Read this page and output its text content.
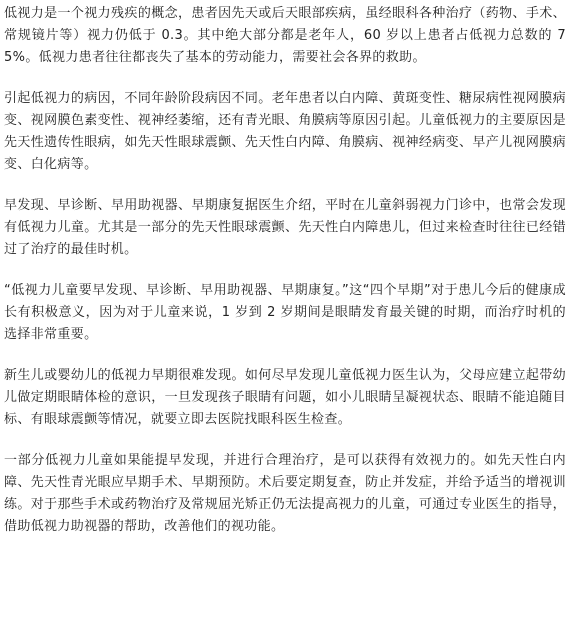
低视力是一个视力残疾的概念，患者因先天或后天眼部疾病，虽经眼科各种治疗（药物、手术、常规镜片等）视力仍低于 0.3。其中绝大部分都是老年人，60 岁以上患者占低视力总数的 75%。低视力患者往往都丧失了基本的劳动能力，需要社会各界的救助。

引起低视力的病因，不同年龄阶段病因不同。老年患者以白内障、黄斑变性、糖尿病性视网膜病变、视网膜色素变性、视神经萎缩，还有青光眼、角膜病等原因引起。儿童低视力的主要原因是先天性遗传性眼病，如先天性眼球震颤、先天性白内障、角膜病、视神经病变、早产儿视网膜病变、白化病等。

早发现、早诊断、早用助视器、早期康复据医生介绍，平时在儿童斜弱视力门诊中，也常会发现有低视力儿童。尤其是一部分的先天性眼球震颤、先天性白内障患儿，但过来检查时往往已经错过了治疗的最佳时机。

“低视力儿童要早发现、早诊断、早用助视器、早期康复。”这“四个早期”对于患儿今后的健康成长有积极意义，因为对于儿童来说，1 岁到 2 岁期间是眼睛发育最关键的时期，而治疗时机的选择非常重要。

新生儿或婴幼儿的低视力早期很难发现。如何尽早发现儿童低视力医生认为，父母应建立起带幼儿做定期眼睛体检的意识，一旦发现孩子眼睛有问题，如小儿眼睛呈凝视状态、眼睛不能追随目标、有眼球震颤等情况，就要立即去医院找眼科医生检查。

一部分低视力儿童如果能提早发现，并进行合理治疗，是可以获得有效视力的。如先天性白内障、先天性青光眼应早期手术、早期预防。术后要定期复查，防止并发症，并给予适当的增视训练。对于那些手术或药物治疗及常规屈光矫正仍无法提高视力的儿童，可通过专业医生的指导，借助低视力助视器的帮助，改善他们的视功能。
